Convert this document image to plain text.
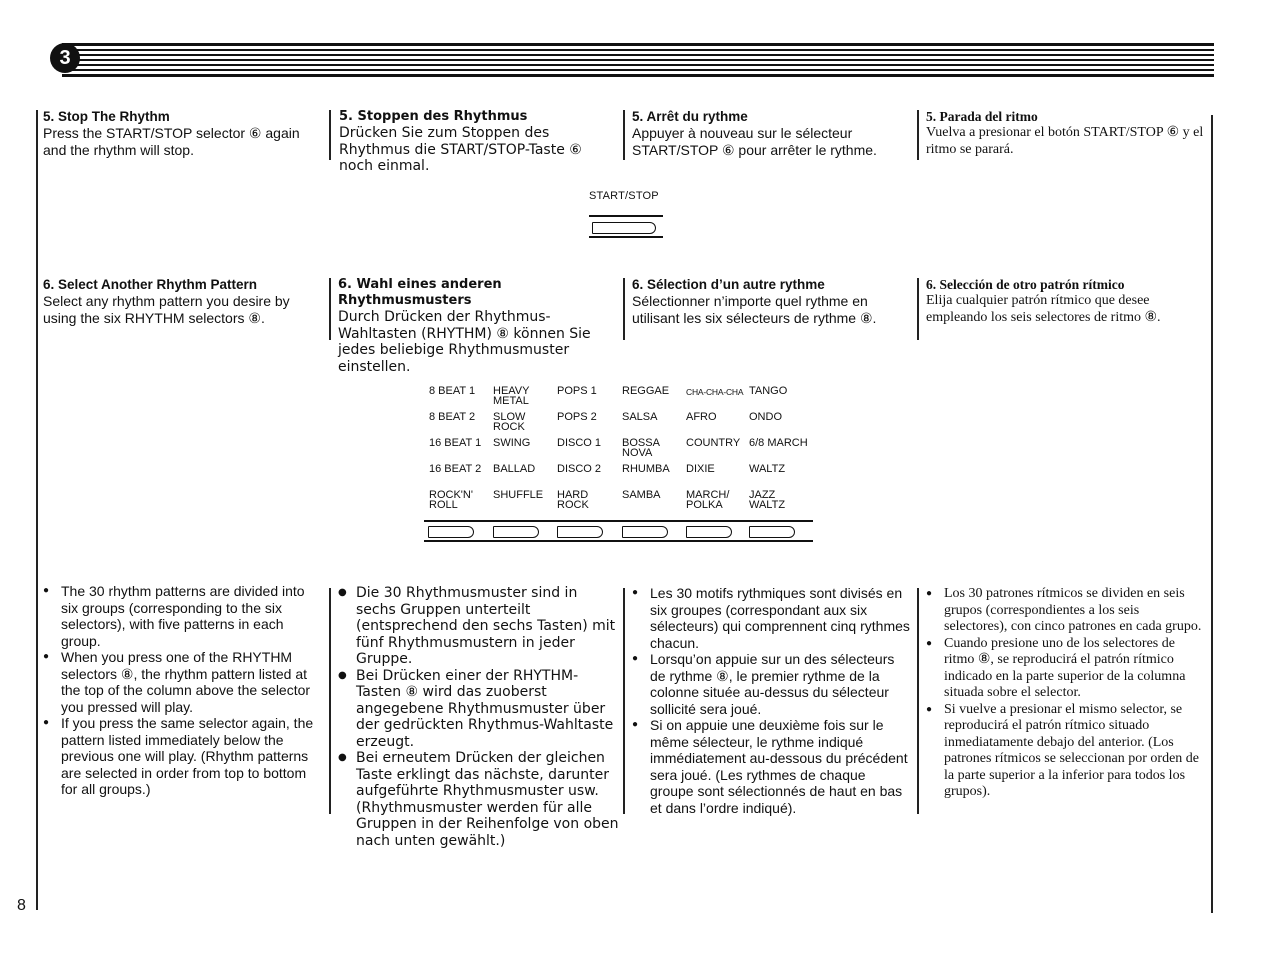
3
5. Stop The Rhythm

Press the START/STOP selector ⑥ again and the rhythm will stop.

5. Stoppen des Rhythmus

Drücken Sie zum Stoppen des Rhythmus die START/STOP-Taste ⑥ noch einmal.

5. Arrêt du rythme

Appuyer à nouveau sur le sélecteur START/STOP ⑥ pour arrêter le rythme.

5. Parada del ritmo

Vuelva a presionar el botón START/STOP ⑥ y el ritmo se parará.

START/STOP
6. Select Another Rhythm Pattern

Select any rhythm pattern you desire by using the six RHYTHM selectors ⑧.

6. Wahl eines anderen Rhythmusmusters

Durch Drücken der Rhythmus-Wahltasten (RHYTHM) ⑧ können Sie jedes beliebige Rhythmusmuster einstellen.

6. Sélection d’un autre rythme

Sélectionner n’importe quel rythme en utilisant les six sélecteurs de rythme ⑧.

6. Selección de otro patrón rítmico

Elija cualquier patrón rítmico que desee empleando los seis selectores de ritmo ⑧.

8 BEAT 1
8 BEAT 2
16 BEAT 1
16 BEAT 2
ROCK'N'
ROLL
HEAVY
METAL
SLOW
ROCK
SWING
BALLAD
SHUFFLE
POPS 1
POPS 2
DISCO 1
DISCO 2
HARD
ROCK
REGGAE
SALSA
BOSSA
NOVA
RHUMBA
SAMBA
CHA-CHA-CHA
AFRO
COUNTRY
DIXIE
MARCH/
POLKA
TANGO
ONDO
6/8 MARCH
WALTZ
JAZZ
WALTZ
● The 30 rhythm patterns are divided into six groups (corresponding to the six selectors), with five patterns in each group.
● When you press one of the RHYTHM selectors ⑧, the rhythm pattern listed at the top of the column above the selector you pressed will play.
● If you press the same selector again, the pattern listed immediately below the previous one will play. (Rhythm patterns are selected in order from top to bottom for all groups.)
● Die 30 Rhythmusmuster sind in sechs Gruppen unterteilt (entsprechend den sechs Tasten) mit fünf Rhythmusmustern in jeder Gruppe.
● Bei Drücken einer der RHYTHM-Tasten ⑧ wird das zuoberst angegebene Rhythmusmuster über der gedrückten Rhythmus-Wahltaste erzeugt.
● Bei erneutem Drücken der gleichen Taste erklingt das nächste, darunter aufgeführte Rhythmusmuster usw. (Rhythmusmuster werden für alle Gruppen in der Reihenfolge von oben nach unten gewählt.)
● Les 30 motifs rythmiques sont divisés en six groupes (correspondant aux six sélecteurs) qui comprennent cinq rythmes chacun.
● Lorsqu’on appuie sur un des sélecteurs de rythme ⑧, le premier rythme de la colonne située au-dessus du sélecteur sollicité sera joué.
● Si on appuie une deuxième fois sur le même sélecteur, le rythme indiqué immédiatement au-dessous du précédent sera joué. (Les rythmes de chaque groupe sont sélectionnés de haut en bas et dans l’ordre indiqué).
● Los 30 patrones rítmicos se dividen en seis grupos (correspondientes a los seis selectores), con cinco patrones en cada grupo.
● Cuando presione uno de los selectores de ritmo ⑧, se reproducirá el patrón rítmico indicado en la parte superior de la columna situada sobre el selector.
● Si vuelve a presionar el mismo selector, se reproducirá el patrón rítmico situado inmediatamente debajo del anterior. (Los patrones rítmicos se seleccionan por orden de la parte superior a la inferior para todos los grupos).
8
